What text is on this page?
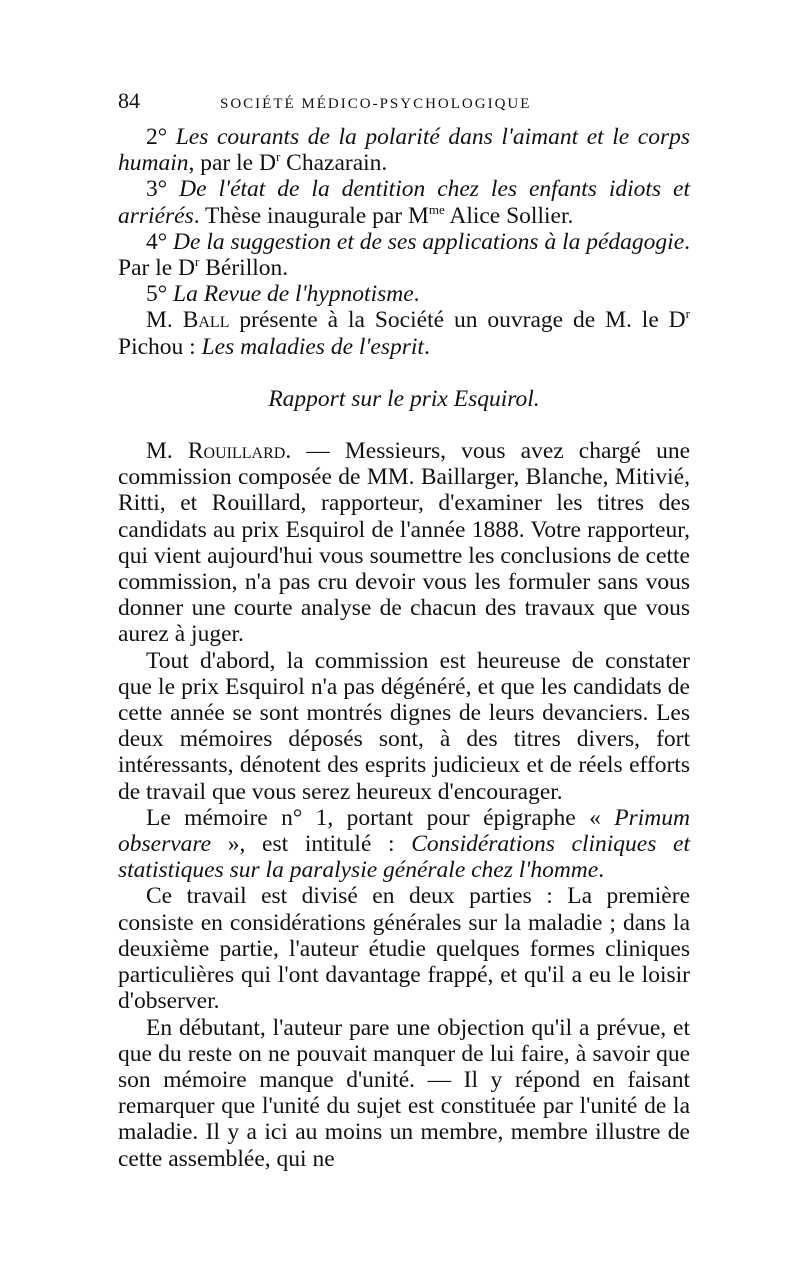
84	SOCIÉTÉ MÉDICO-PSYCHOLOGIQUE

2° Les courants de la polarité dans l'aimant et le corps humain, par le $D^r$ Chazarain.

3° De l'état de la dentition chez les enfants idiots et arriérés. Thèse inaugurale par $M^{me}$ Alice Sollier.

4° De la suggestion et de ses applications à la pédagogie. Par le $D^r$ Bérillon.

5° La Revue de l'hypnotisme.

M. Ball présente à la Société un ouvrage de M. le $D^r$ Pichou : Les maladies de l'esprit.

Rapport sur le prix Esquirol.

M. Rouillard. — Messieurs, vous avez chargé une commission composée de MM. Baillarger, Blanche, Mitivié, Ritti, et Rouillard, rapporteur, d'examiner les titres des candidats au prix Esquirol de l'année 1888. Votre rapporteur, qui vient aujourd'hui vous soumettre les conclusions de cette commission, n'a pas cru devoir vous les formuler sans vous donner une courte analyse de chacun des travaux que vous aurez à juger.

Tout d'abord, la commission est heureuse de constater que le prix Esquirol n'a pas dégénéré, et que les candidats de cette année se sont montrés dignes de leurs devanciers. Les deux mémoires déposés sont, à des titres divers, fort intéressants, dénotent des esprits judicieux et de réels efforts de travail que vous serez heureux d'encourager.

Le mémoire n° 1, portant pour épigraphe « Primum observare », est intitulé : Considérations cliniques et statistiques sur la paralysie générale chez l'homme.

Ce travail est divisé en deux parties : La première consiste en considérations générales sur la maladie ; dans la deuxième partie, l'auteur étudie quelques formes cliniques particulières qui l'ont davantage frappé, et qu'il a eu le loisir d'observer.

En débutant, l'auteur pare une objection qu'il a prévue, et que du reste on ne pouvait manquer de lui faire, à savoir que son mémoire manque d'unité. — Il y répond en faisant remarquer que l'unité du sujet est constituée par l'unité de la maladie. Il y a ici au moins un membre, membre illustre de cette assemblée, qui ne
